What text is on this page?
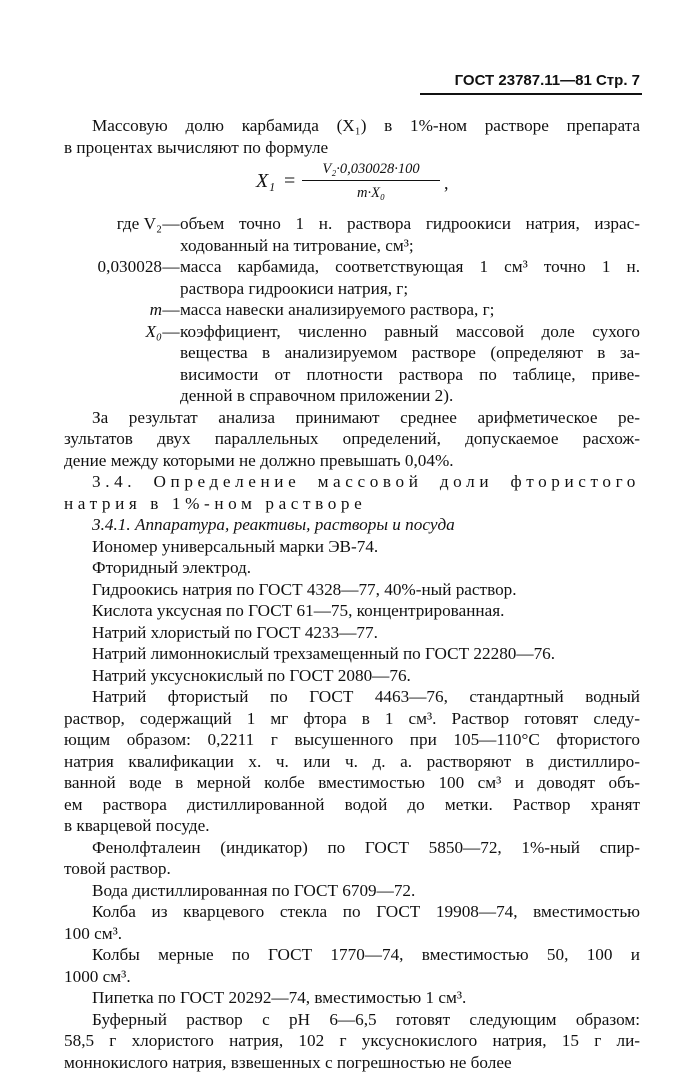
ГОСТ 23787.11—81 Стр. 7

Массовую долю карбамида (X₁) в 1%-ном растворе препарата

в процентах вычисляют по формуле

X₁ =
V₂·0,030028·100
m·X₀	,
где V₂ — объем точно 1 н. раствора гидроокиси натрия, израс-

ходованный на титрование, см³;

0,030028 — масса карбамида, соответствующая 1 см³ точно 1 н.

раствора гидроокиси натрия, г;

m — масса навески анализируемого раствора, г;

X₀ — коэффициент, численно равный массовой доле сухого

вещества в анализируемом растворе (определяют в за-

висимости от плотности раствора по таблице, приве-

денной в справочном приложении 2).

За результат анализа принимают среднее арифметическое ре-

зультатов двух параллельных определений, допускаемое расхож-

дение между которыми не должно превышать 0,04%.

3.4. Определение массовой доли фтористого

натрия в 1%-ном растворе

3.4.1. Аппаратура, реактивы, растворы и посуда

Иономер универсальный марки ЭВ-74.

Фторидный электрод.

Гидроокись натрия по ГОСТ 4328—77, 40%-ный раствор.

Кислота уксусная по ГОСТ 61—75, концентрированная.

Натрий хлористый по ГОСТ 4233—77.

Натрий лимоннокислый трехзамещенный по ГОСТ 22280—76.

Натрий уксуснокислый по ГОСТ 2080—76.

Натрий фтористый по ГОСТ 4463—76, стандартный водный

раствор, содержащий 1 мг фтора в 1 см³. Раствор готовят следу-

ющим образом: 0,2211 г высушенного при 105—110°С фтористого

натрия квалификации х. ч. или ч. д. а. растворяют в дистиллиро-

ванной воде в мерной колбе вместимостью 100 см³ и доводят объ-

ем раствора дистиллированной водой до метки. Раствор хранят

в кварцевой посуде.

Фенолфталеин (индикатор) по ГОСТ 5850—72, 1%-ный спир-

товой раствор.

Вода дистиллированная по ГОСТ 6709—72.

Колба из кварцевого стекла по ГОСТ 19908—74, вместимостью

100 см³.

Колбы мерные по ГОСТ 1770—74, вместимостью 50, 100 и

1000 см³.

Пипетка по ГОСТ 20292—74, вместимостью 1 см³.

Буферный раствор с рН 6—6,5 готовят следующим образом:

58,5 г хлористого натрия, 102 г уксуснокислого натрия, 15 г ли-

моннокислого натрия, взвешенных с погрешностью не более
